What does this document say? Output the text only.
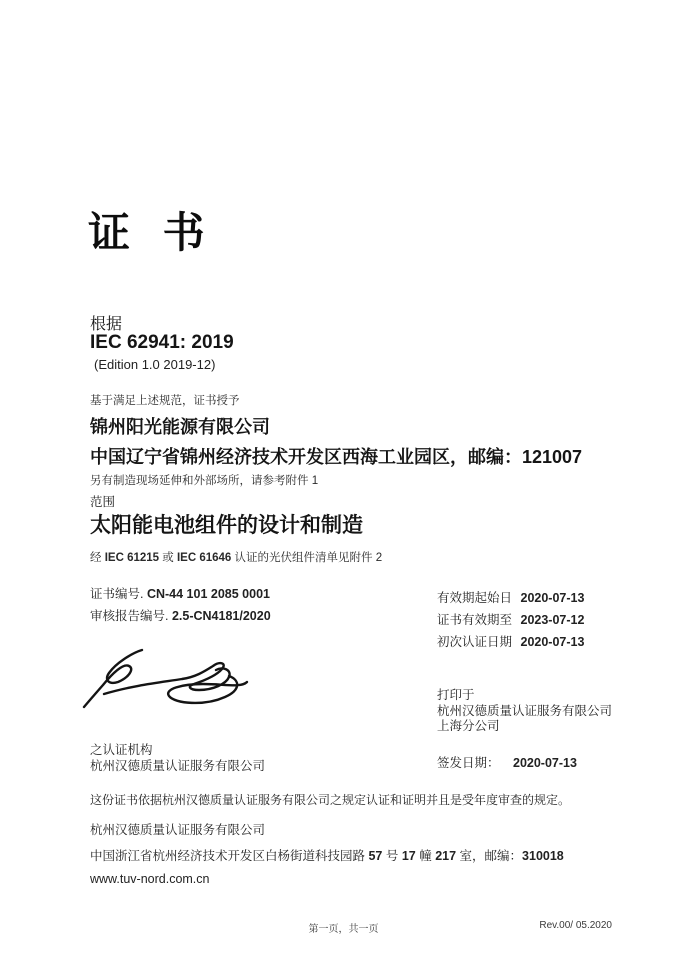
证 书
根据
IEC 62941: 2019
(Edition 1.0 2019-12)
基于满足上述规范，证书授予
锦州阳光能源有限公司
中国辽宁省锦州经济技术开发区西海工业园区，邮编：121007
另有制造现场延伸和外部场所，请参考附件 1
范围
太阳能电池组件的设计和制造
经 IEC 61215 或 IEC 61646 认证的光伏组件清单见附件 2
证书编号. CN-44 101 2085 0001
审核报告编号. 2.5-CN4181/2020
有效期起始日 2020-07-13
证书有效期至 2023-07-12
初次认证日期 2020-07-13
打印于
杭州汉德质量认证服务有限公司
上海分公司
之认证机构
杭州汉德质量认证服务有限公司	签发日期： 2020-07-13
这份证书依据杭州汉德质量认证服务有限公司之规定认证和证明并且是受年度审查的规定。
杭州汉德质量认证服务有限公司
中国浙江省杭州经济技术开发区白杨街道科技园路 57 号 17 幢 217 室，邮编：310018
www.tuv-nord.com.cn
第一页，共一页	Rev.00/ 05.2020
